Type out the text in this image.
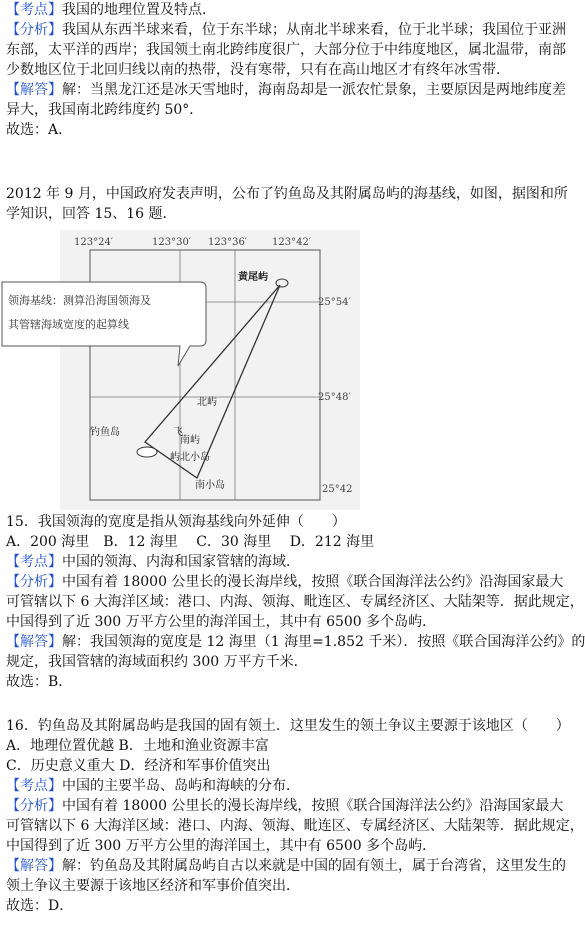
【考点】我国的地理位置及特点．
【分析】我国从东西半球来看，位于东半球；从南北半球来看，位于北半球；我国位于亚洲
东部，太平洋的西岸；我国领土南北跨纬度很广，大部分位于中纬度地区，属北温带，南部
少数地区位于北回归线以南的热带，没有寒带，只有在高山地区才有终年冰雪带．
【解答】解：当黑龙江还是冰天雪地时，海南岛却是一派农忙景象，主要原因是两地纬度差
异大，我国南北跨纬度约 50°．
故选：A．
2012 年 9 月，中国政府发表声明，公布了钓鱼岛及其附属岛屿的海基线，如图，据图和所
学知识，回答 15、16 题．
123°24′	123°30′ 123°36′ 123°42′
25°54′
25°48′
25°42
黄尾屿
北屿
钓鱼岛	飞
南屿
屿北小岛
南小岛
领海基线：测算沿海国领海及
其管辖海域宽度的起算线
15．我国领海的宽度是指从领海基线向外延伸（　　）
A．200 海里　B．12 海里　 C．30 海里　 D．212 海里
【考点】中国的领海、内海和国家管辖的海域．
【分析】中国有着 18000 公里长的漫长海岸线，按照《联合国海洋法公约》沿海国家最大
可管辖以下 6 大海洋区域：港口、内海、领海、毗连区、专属经济区、大陆架等．据此规定，
中国得到了近 300 万平方公里的海洋国土，其中有 6500 多个岛屿．
【解答】解：我国领海的宽度是 12 海里（1 海里=1.852 千米）．按照《联合国海洋公约》的
规定，我国管辖的海域面积约 300 万平方千米．
故选：B．
16．钓鱼岛及其附属岛屿是我国的固有领土．这里发生的领土争议主要源于该地区（　　）
A．地理位置优越 B．土地和渔业资源丰富
C．历史意义重大 D．经济和军事价值突出
【考点】中国的主要半岛、岛屿和海峡的分布．
【分析】中国有着 18000 公里长的漫长海岸线，按照《联合国海洋法公约》沿海国家最大
可管辖以下 6 大海洋区域：港口、内海、领海、毗连区、专属经济区、大陆架等．据此规定，
中国得到了近 300 万平方公里的海洋国土，其中有 6500 多个岛屿．
【解答】解：钓鱼岛及其附属岛屿自古以来就是中国的固有领土，属于台湾省，这里发生的
领土争议主要源于该地区经济和军事价值突出．
故选：D．
